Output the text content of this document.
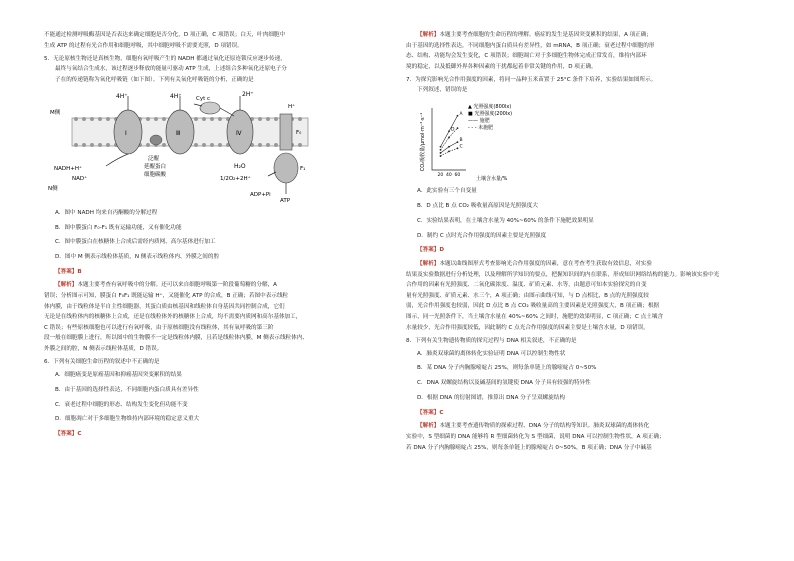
不能通过检测呼吸酶基因是否表达来确定细胞是否分化，D 项正确，C 项错误；白天，叶肉细胞中
生成 ATP 的过程有光合作用和细胞呼吸，其中细胞呼吸不需要光照，D 项错误。
5．无论原核生物还是真核生物，细胞有氧呼吸产生的 NADH 都通过氧化还原连锁反应逐步传递，
最终与氧结合生成水，该过程逐步释放的能量可驱动 ATP 生成，上述组合多种氧化还原电子分
子在的传递链称为氧化呼吸链（如下图）。下列有关氧化呼吸链的分析，正确的是
4H⁺	4H⁺	2H⁺
Cyt c
M侧
N侧
NADH+H⁺
NAD⁺
泛醌
延醌蛋白
细胞碳酸
H₂O
1/2O₂+2H⁺
ADP+Pi
ATP
F₀
F₁
Ⅰ	Ⅲ	Ⅳ
H⁺
A．图中 NADH 均来自丙酮酸的分解过程
B．图中膜蛋白 F₀-F₁ 既有运输功能，又有催化功能
C．图中膜蛋白在核糖体上合成后需经内质网、高尔基体进行加工
D．图中 M 侧表示线粒体基质，N 侧表示线粒体内、外膜之间的腔
【答案】B
【解析】本题主要考查有氧呼吸中的分解。还可以来自细胞呼吸第一阶段葡萄糖的分解，A
错误；分析图示可知，膜蛋白 F₀F₁ 既能运输 H⁺，又能催化 ATP 的合成，B 正确；若图中表示线粒
体内膜，由于线粒体是半自主性细胞器，其蛋白质由核基因和线粒体自身基因共同控制合成，它们
无论是在线粒体内的核糖体上合成，还是在线粒体外的核糖体上合成，均不需要内质网和高尔基体加工，
C 错误；有些原核细胞也可以进行有氧呼吸，由于原核细胞没有线粒体，其有氧呼吸的第三阶
段一般在细胞膜上进行，所以图中的生物膜不一定是线粒体内膜，且若是线粒体内膜，M 侧表示线粒体内、
外膜之间的腔，N 侧表示线粒体基质，D 错误。
6．下列有关细胞生命历程的叙述中不正确的是
A．细胞癌变是原癌基因和抑癌基因突变累积的结果
B．由于基因的选择性表达，不同细胞内蛋白质具有差异性
C．衰老过程中细胞的形态、结构发生变化但功能不变
D．细胞凋亡对于多细胞生物维持内部环境的稳定意义重大
【答案】C
【解析】本题主要考查细胞的生命历程的理解。癌症的发生是基因突变累积的结果，A 项正确；
由于基因的选择性表达，不同细胞内蛋白质具有差异性，如 mRNA，B 项正确；衰老过程中细胞的形
态、结构、功能均会发生变化，C 项错误；细胞凋亡对于多细胞生物体完成正常发育，维持内部环
境的稳定，以及抵御外界各种因素的干扰都起着非常关键的作用，D 项正确。
7．为探究影响光合作用强度的因素，将同一品种玉米苗置于 25°C 条件下培养，实验结果如图所示。
下列叙述，错误的是
CO₂吸收量/μmol·m⁻²·s⁻¹
土壤含水量/%
▲ 光照强度(800lx)
■ 光照强度(200lx)
—— 施肥
- - - 未施肥
20 40 60
A
B
C
D
A．此实验有三个自变量
B．D 点比 B 点 CO₂ 吸收量高原因是光照强度大
C．实验结果表明，在土壤含水量为 40%~60% 的条件下施肥效果明显
D．制约 C 点时光合作用强度的因素主要是光照强度
【答案】D
【解析】本题以曲线图形式考查影响光合作用强度的因素，意在考查考生获取有效信息，对实验
结果及实验数据进行分析处理，以及理解所学知识的要点，把握知识间的内在联系，形成知识网络结构的能力。影响该实验中光
合作用的因素有光照强度、二氧化碳浓度、温度、矿质元素、水等，由题意可知本实验探究的自变
量有光照强度、矿质元素、水三个，A 项正确；由图示曲线可知，与 D 点相比，B 点的光照强度较
弱，光合作用强度也较弱，因此 D 点比 B 点 CO₂ 吸收量高的主要因素是光照强度大，B 项正确；根据
图示，同一光照条件下，当土壤含水量在 40%~60% 之间时，施肥的效果明显，C 项正确；C 点土壤含
水量较少，光合作用强度较低，因此制约 C 点光合作用强度的因素主要是土壤含水量，D 项错误。
8．下列有关生物遗传物质的探究过程与 DNA 相关叙述，不正确的是
A．肺炎双球菌的离体转化实验证明 DNA 可以控制生物性状
B．某 DNA 分子内胸腺嘧啶占 25%，则每条单链上的腺嘧啶占 0~50%
C．DNA 双螺旋结构以及碱基间的氢键使 DNA 分子具有较强的特异性
D．根据 DNA 的衍射图谱，推算出 DNA 分子呈双螺旋结构
【答案】C
【解析】本题主要考查遗传物质的探索过程、DNA 分子的结构等知识。肺炎双球菌的离体转化
实验中，S 型细菌的 DNA 能够将 R 型细菌转化为 S 型细菌，说明 DNA 可以控制生物性状，A 项正确；
若 DNA 分子内胸腺嘧啶占 25%，则每条单链上的腺嘧啶占 0~50%，B 项正确；DNA 分子中碱基
